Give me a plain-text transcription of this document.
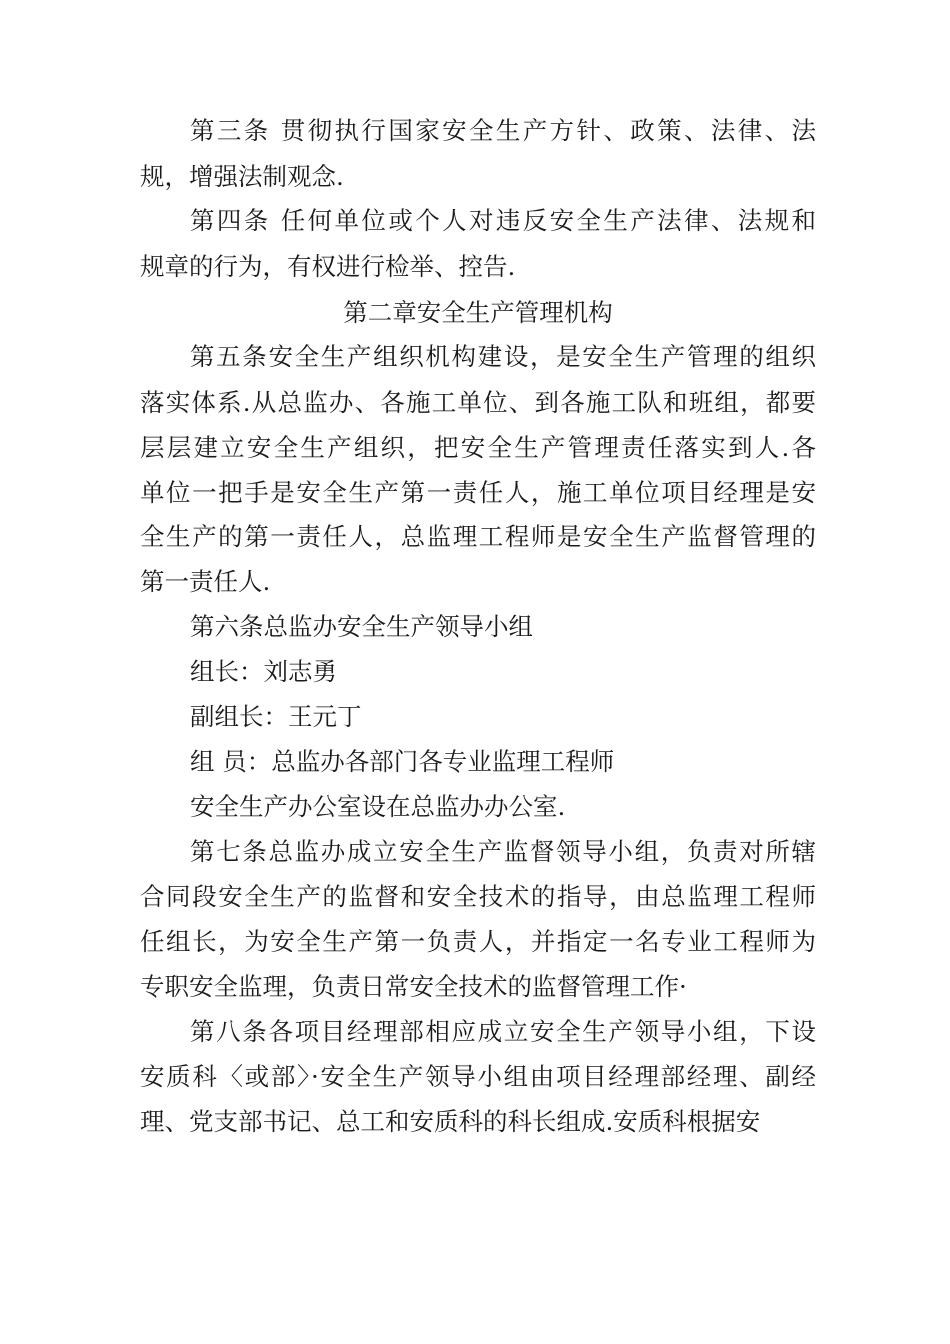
第三条 贯彻执行国家安全生产方针、政策、法律、法
规，增强法制观念.
第四条 任何单位或个人对违反安全生产法律、法规和
规章的行为，有权进行检举、控告.
第二章安全生产管理机构
第五条安全生产组织机构建设，是安全生产管理的组织
落实体系.从总监办、各施工单位、到各施工队和班组，都要
层层建立安全生产组织，把安全生产管理责任落实到人.各
单位一把手是安全生产第一责任人，施工单位项目经理是安
全生产的第一责任人，总监理工程师是安全生产监督管理的
第一责任人.
第六条总监办安全生产领导小组
组长：刘志勇
副组长：王元丁
组 员：总监办各部门各专业监理工程师
安全生产办公室设在总监办办公室.
第七条总监办成立安全生产监督领导小组，负责对所辖
合同段安全生产的监督和安全技术的指导，由总监理工程师
任组长，为安全生产第一负责人，并指定一名专业工程师为
专职安全监理，负责日常安全技术的监督管理工作·
第八条各项目经理部相应成立安全生产领导小组，下设
安质科〈或部〉·安全生产领导小组由项目经理部经理、副经
理、党支部书记、总工和安质科的科长组成.安质科根据安
